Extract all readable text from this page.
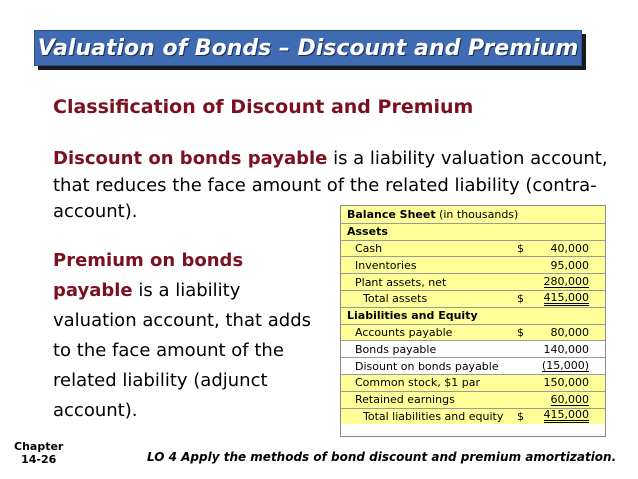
Valuation of Bonds – Discount and Premium
Classification of Discount and Premium
Discount on bonds payable is a liability valuation account, that reduces the face amount of the related liability (contra-account).
Premium on bonds payable is a liability valuation account, that adds to the face amount of the related liability (adjunct account).
Balance Sheet (in thousands)
Assets
Cash	$ 40,000
Inventories	95,000
Plant assets, net	280,000
Total assets	$ 415,000
Liabilities and Equity
Accounts payable	$ 80,000
Bonds payable	140,000
Disount on bonds payable	(15,000)
Common stock, $1 par	150,000
Retained earnings	60,000
Total liabilities and equity $ 415,000
Chapter
14-26	LO 4 Apply the methods of bond discount and premium amortization.
